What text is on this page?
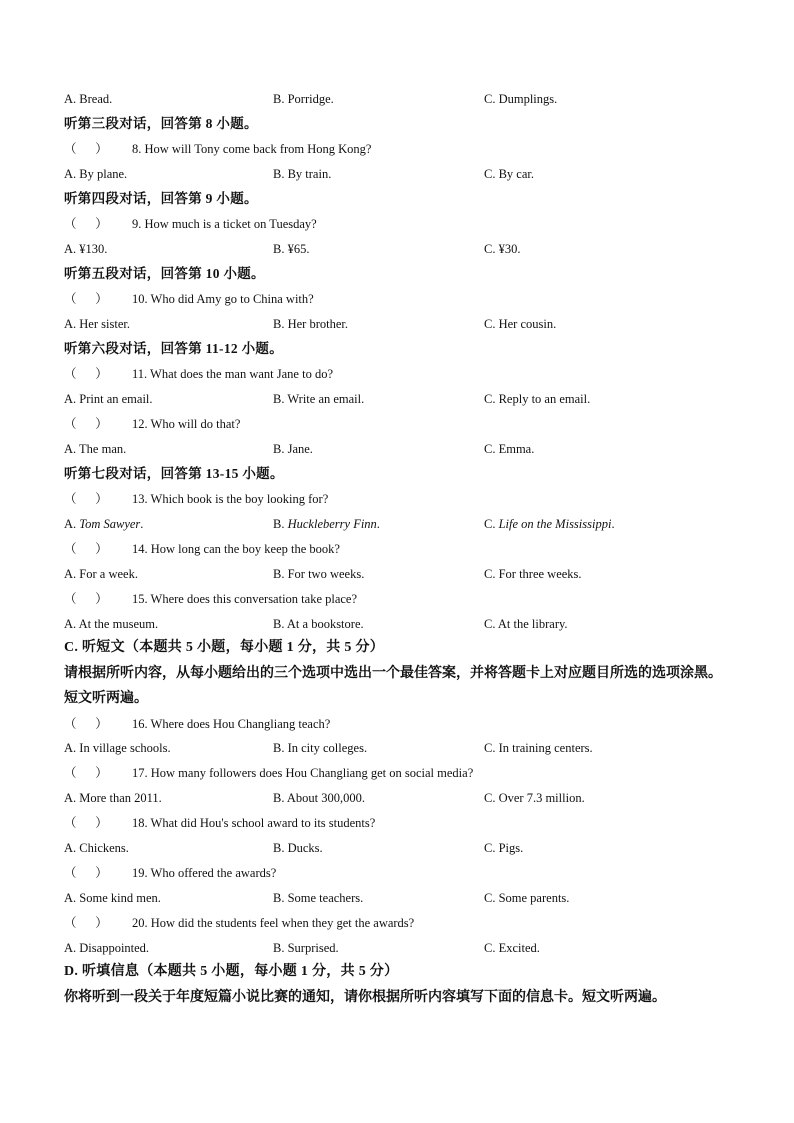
A. Bread.	B. Porridge.	C. Dumplings.
听第三段对话，回答第 8 小题。
（      ） 8. How will Tony come back from Hong Kong?
A. By plane.	B. By train.	C. By car.
听第四段对话，回答第 9 小题。
（      ） 9. How much is a ticket on Tuesday?
A. ¥130.	B. ¥65.	C. ¥30.
听第五段对话，回答第 10 小题。
（      ） 10. Who did Amy go to China with?
A. Her sister.	B. Her brother.	C. Her cousin.
听第六段对话，回答第 11-12 小题。
（      ） 11. What does the man want Jane to do?
A. Print an email.	B. Write an email.	C. Reply to an email.
（      ） 12. Who will do that?
A. The man.	B. Jane.	C. Emma.
听第七段对话，回答第 13-15 小题。
（      ） 13. Which book is the boy looking for?
A. Tom Sawyer.	B. Huckleberry Finn.	C. Life on the Mississippi.
（      ） 14. How long can the boy keep the book?
A. For a week.	B. For two weeks.	C. For three weeks.
（      ） 15. Where does this conversation take place?
A. At the museum.	B. At a bookstore.	C. At the library.
C. 听短文（本题共 5 小题，每小题 1 分，共 5 分）
请根据所听内容，从每小题给出的三个选项中选出一个最佳答案，并将答题卡上对应题目所选的选项涂黑。短文听两遍。
（      ） 16. Where does Hou Changliang teach?
A. In village schools.	B. In city colleges.	C. In training centers.
（      ） 17. How many followers does Hou Changliang get on social media?
A. More than 2011.	B. About 300,000.	C. Over 7.3 million.
（      ） 18. What did Hou's school award to its students?
A. Chickens.	B. Ducks.	C. Pigs.
（      ） 19. Who offered the awards?
A. Some kind men.	B. Some teachers.	C. Some parents.
（      ） 20. How did the students feel when they get the awards?
A. Disappointed.	B. Surprised.	C. Excited.
D. 听填信息（本题共 5 小题，每小题 1 分，共 5 分）
你将听到一段关于年度短篇小说比赛的通知，请你根据所听内容填写下面的信息卡。短文听两遍。
